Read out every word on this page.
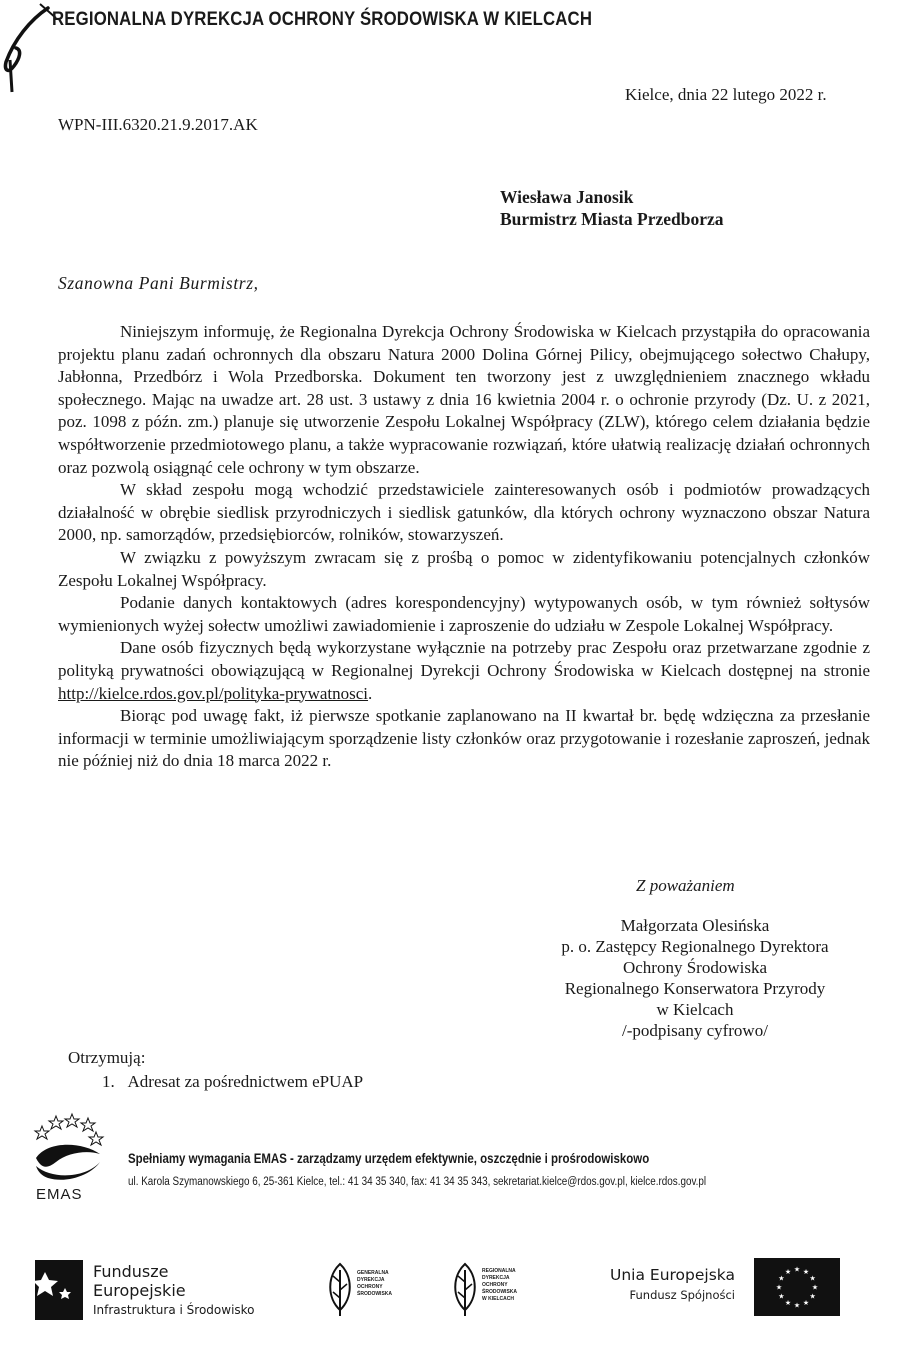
REGIONALNA DYREKCJA OCHRONY ŚRODOWISKA W KIELCACH
Kielce, dnia 22 lutego 2022 r.
WPN-III.6320.21.9.2017.AK
Wiesława Janosik
Burmistrz Miasta Przedborza
Szanowna Pani Burmistrz,

Niniejszym informuję, że Regionalna Dyrekcja Ochrony Środowiska w Kielcach przystąpiła do opracowania projektu planu zadań ochronnych dla obszaru Natura 2000 Dolina Górnej Pilicy, obejmującego sołectwo Chałupy, Jabłonna, Przedbórz i Wola Przedborska. Dokument ten tworzony jest z uwzględnieniem znacznego wkładu społecznego. Mając na uwadze art. 28 ust. 3 ustawy z dnia 16 kwietnia 2004 r. o ochronie przyrody (Dz. U. z 2021, poz. 1098 z późn. zm.) planuje się utworzenie Zespołu Lokalnej Współpracy (ZLW), którego celem działania będzie współtworzenie przedmiotowego planu, a także wypracowanie rozwiązań, które ułatwią realizację działań ochronnych oraz pozwolą osiągnąć cele ochrony w tym obszarze.

W skład zespołu mogą wchodzić przedstawiciele zainteresowanych osób i podmiotów prowadzących działalność w obrębie siedlisk przyrodniczych i siedlisk gatunków, dla których ochrony wyznaczono obszar Natura 2000, np. samorządów, przedsiębiorców, rolników, stowarzyszeń.

W związku z powyższym zwracam się z prośbą o pomoc w zidentyfikowaniu potencjalnych członków Zespołu Lokalnej Współpracy.

Podanie danych kontaktowych (adres korespondencyjny) wytypowanych osób, w tym również sołtysów wymienionych wyżej sołectw umożliwi zawiadomienie i zaproszenie do udziału w Zespole Lokalnej Współpracy.

Dane osób fizycznych będą wykorzystane wyłącznie na potrzeby prac Zespołu oraz przetwarzane zgodnie z polityką prywatności obowiązującą w Regionalnej Dyrekcji Ochrony Środowiska w Kielcach dostępnej na stronie http://kielce.rdos.gov.pl/polityka-prywatnosci.

Biorąc pod uwagę fakt, iż pierwsze spotkanie zaplanowano na II kwartał br. będę wdzięczna za przesłanie informacji w terminie umożliwiającym sporządzenie listy członków oraz przygotowanie i rozesłanie zaproszeń, jednak nie później niż do dnia 18 marca 2022 r.

Z poważaniem
Małgorzata Olesińska
p. o. Zastępcy Regionalnego Dyrektora
Ochrony Środowiska
Regionalnego Konserwatora Przyrody
w Kielcach
/-podpisany cyfrowo/
Otrzymują:
1. Adresat za pośrednictwem ePUAP
EMAS
Spełniamy wymagania EMAS - zarządzamy urzędem efektywnie, oszczędnie i prośrodowiskowo
ul. Karola Szymanowskiego 6, 25-361 Kielce, tel.: 41 34 35 340, fax: 41 34 35 343, sekretariat.kielce@rdos.gov.pl, kielce.rdos.gov.pl
Fundusze
Europejskie
Infrastruktura i Środowisko
GENERALNA
DYREKCJA
OCHRONY
ŚRODOWISKA
REGIONALNA
DYREKCJA
OCHRONY
ŚRODOWISKA
W KIELCACH
Unia Europejska
Fundusz Spójności
★
★
★
★
★
★
★
★
★ ★ ★
★
